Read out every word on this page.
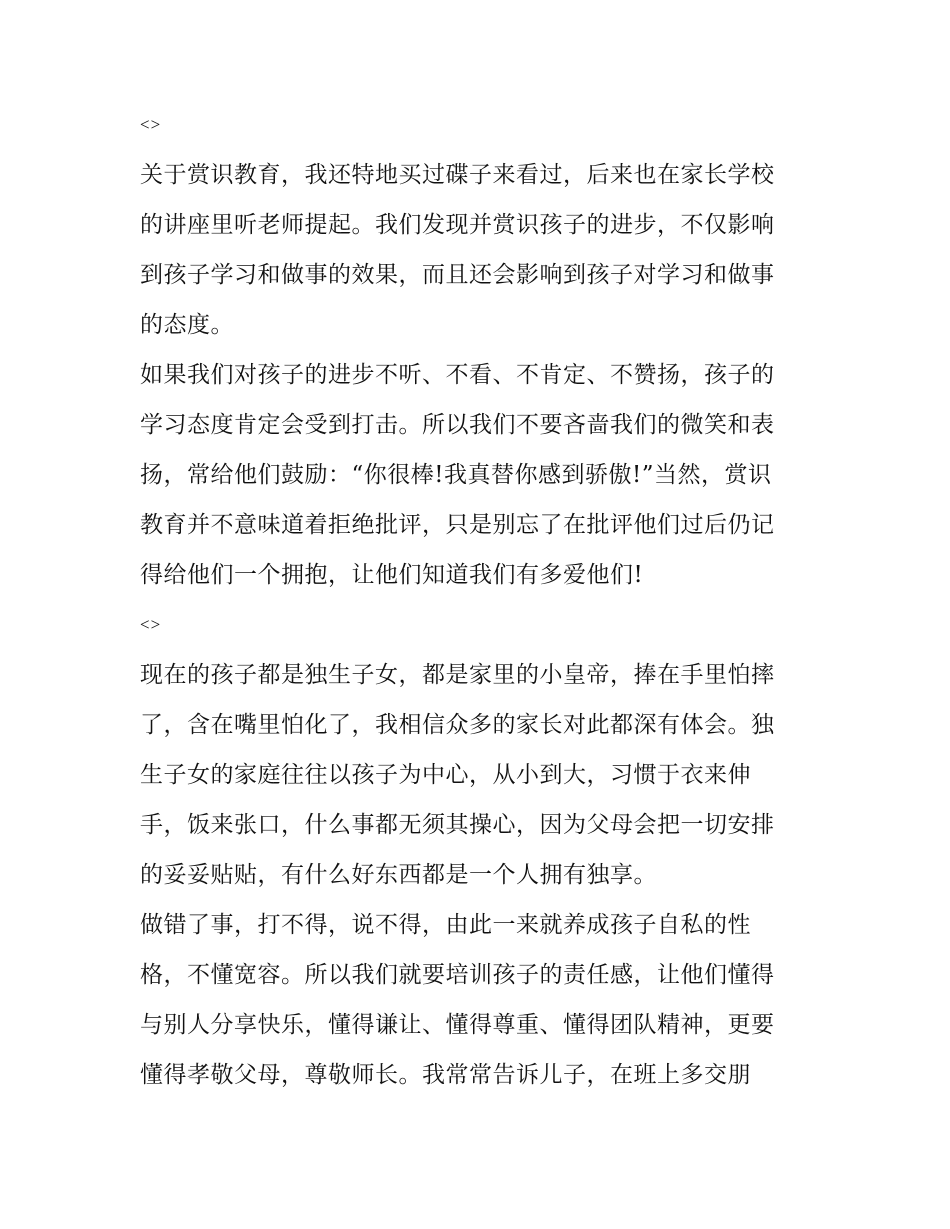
<>

关于赏识教育，我还特地买过碟子来看过，后来也在家长学校
的讲座里听老师提起。我们发现并赏识孩子的进步，不仅影响
到孩子学习和做事的效果，而且还会影响到孩子对学习和做事
的态度。

如果我们对孩子的进步不听、不看、不肯定、不赞扬，孩子的
学习态度肯定会受到打击。所以我们不要吝啬我们的微笑和表
扬，常给他们鼓励：“你很棒!我真替你感到骄傲!”当然，赏识
教育并不意味道着拒绝批评，只是别忘了在批评他们过后仍记
得给他们一个拥抱，让他们知道我们有多爱他们!

<>

现在的孩子都是独生子女，都是家里的小皇帝，捧在手里怕摔
了，含在嘴里怕化了，我相信众多的家长对此都深有体会。独
生子女的家庭往往以孩子为中心，从小到大，习惯于衣来伸
手，饭来张口，什么事都无须其操心，因为父母会把一切安排
的妥妥贴贴，有什么好东西都是一个人拥有独享。

做错了事，打不得，说不得，由此一来就养成孩子自私的性
格，不懂宽容。所以我们就要培训孩子的责任感，让他们懂得
与别人分享快乐，懂得谦让、懂得尊重、懂得团队精神，更要
懂得孝敬父母，尊敬师长。我常常告诉儿子，在班上多交朋
